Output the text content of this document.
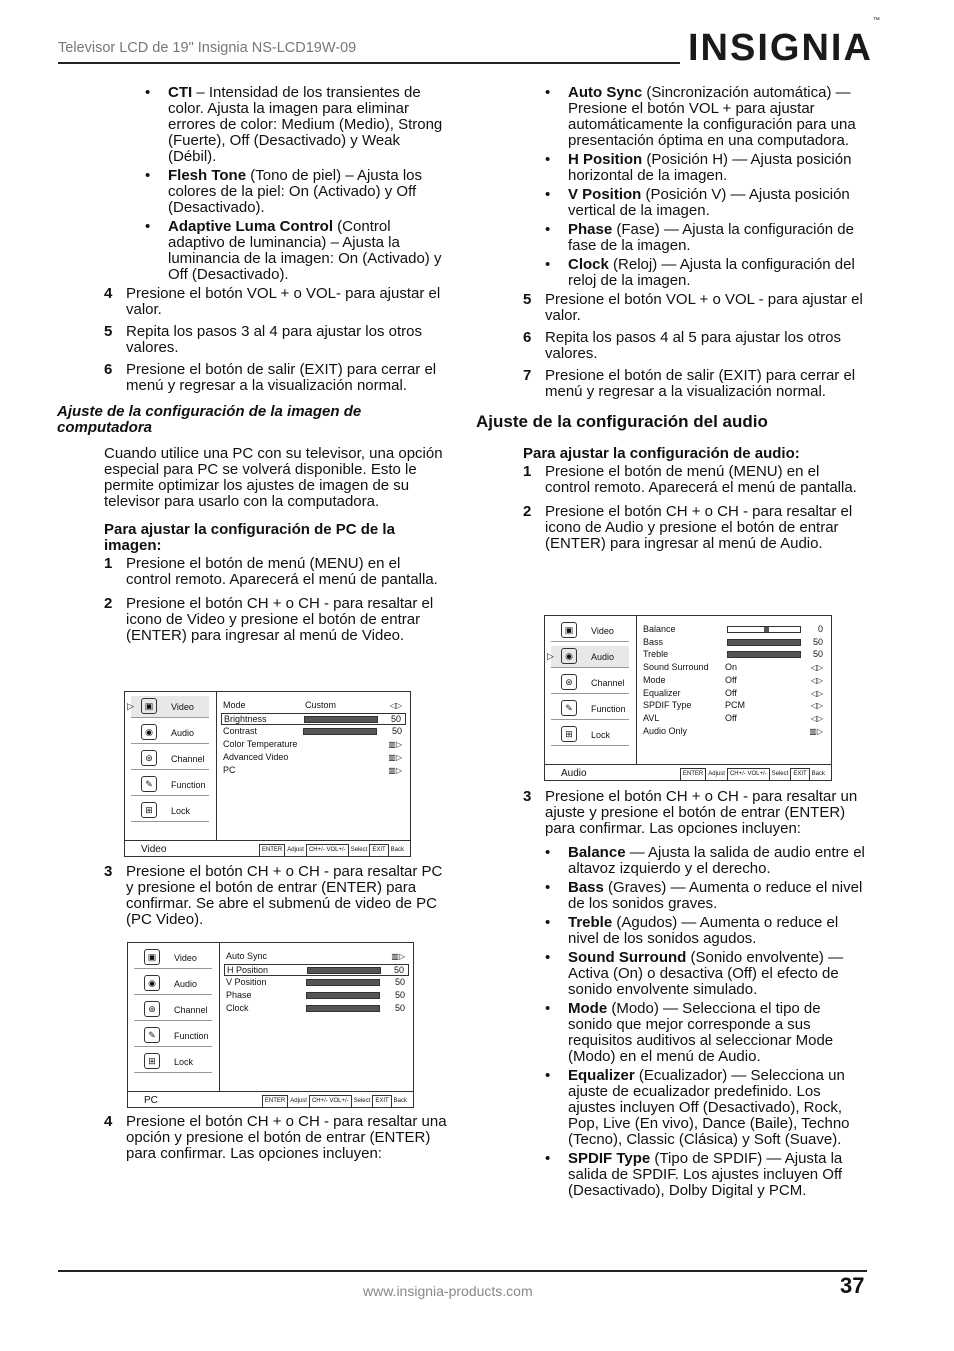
Televisor LCD de 19" Insignia NS-LCD19W-09	INSIGNIA™
• CTI – Intensidad de los transientes de color. Ajusta la imagen para eliminar errores de color: Medium (Medio), Strong (Fuerte), Off (Desactivado) y Weak (Débil).
• Flesh Tone (Tono de piel) – Ajusta los colores de la piel: On (Activado) y Off (Desactivado).
• Adaptive Luma Control (Control adaptivo de luminancia) – Ajusta la luminancia de la imagen: On (Activado) y Off (Desactivado).
4 Presione el botón VOL + o VOL- para ajustar el valor.
5 Repita los pasos 3 al 4 para ajustar los otros valores.
6 Presione el botón de salir (EXIT) para cerrar el menú y regresar a la visualización normal.
Ajuste de la configuración de la imagen de computadora
Cuando utilice una PC con su televisor, una opción especial para PC se volverá disponible. Esto le permite optimizar los ajustes de imagen de su televisor para usarlo con la computadora.
Para ajustar la configuración de PC de la imagen:
1 Presione el botón de menú (MENU) en el control remoto. Aparecerá el menú de pantalla.
2 Presione el botón CH + o CH - para resaltar el icono de Video y presione el botón de entrar (ENTER) para ingresar al menú de Video.
3 Presione el botón CH + o CH - para resaltar PC y presione el botón de entrar (ENTER) para confirmar. Se abre el submenú de video de PC (PC Video).
4 Presione el botón CH + o CH - para resaltar una opción y presione el botón de entrar (ENTER) para confirmar. Las opciones incluyen:
▷	▣	Video
◉	Audio
⊛	Channel
✎	Function
⊞	Lock
Mode	Custom	◁▷
Brightness	50
Contrast	50
Color Temperature	▥▷
Advanced Video	▥▷
PC	▥▷
Video	ENTER Adjust CH+/- VOL+/- Select EXIT Back
▣	Video
◉	Audio
⊛	Channel
✎	Function
⊞	Lock
Auto Sync	▥▷
H Position	50
V Position	50
Phase	50
Clock	50
PC	ENTER Adjust CH+/- VOL+/- Select EXIT Back
• Auto Sync (Sincronización automática) — Presione el botón VOL + para ajustar automáticamente la configuración para una presentación óptima en una computadora.
• H Position (Posición H) — Ajusta posición horizontal de la imagen.
• V Position (Posición V) — Ajusta posición vertical de la imagen.
• Phase (Fase) — Ajusta la configuración de fase de la imagen.
• Clock (Reloj) — Ajusta la configuración del reloj de la imagen.
5 Presione el botón VOL + o VOL - para ajustar el valor.
6 Repita los pasos 4 al 5 para ajustar los otros valores.
7 Presione el botón de salir (EXIT) para cerrar el menú y regresar a la visualización normal.
Ajuste de la configuración del audio
Para ajustar la configuración de audio:
1 Presione el botón de menú (MENU) en el control remoto. Aparecerá el menú de pantalla.
2 Presione el botón CH + o CH - para resaltar el icono de Audio y presione el botón de entrar (ENTER) para ingresar al menú de Audio.
▣	Video
▷	◉	Audio
⊛	Channel
✎	Function
⊞	Lock
Balance	0
Bass	50
Treble	50
Sound Surround On	◁▷
Mode	Off	◁▷
Equalizer	Off	◁▷
SPDIF Type	PCM	◁▷
AVL	Off	◁▷
Audio Only	▥▷
Audio	ENTER Adjust CH+/- VOL+/- Select EXIT Back
3 Presione el botón CH + o CH - para resaltar un ajuste y presione el botón de entrar (ENTER) para confirmar. Las opciones incluyen:
• Balance — Ajusta la salida de audio entre el altavoz izquierdo y el derecho.
• Bass (Graves) — Aumenta o reduce el nivel de los sonidos graves.
• Treble (Agudos) — Aumenta o reduce el nivel de los sonidos agudos.
• Sound Surround (Sonido envolvente) — Activa (On) o desactiva (Off) el efecto de sonido envolvente simulado.
• Mode (Modo) — Selecciona el tipo de sonido que mejor corresponde a sus requisitos auditivos al seleccionar Mode (Modo) en el menú de Audio.
• Equalizer (Ecualizador) — Selecciona un ajuste de ecualizador predefinido. Los ajustes incluyen Off (Desactivado), Rock, Pop, Live (En vivo), Dance (Baile), Techno (Tecno), Classic (Clásica) y Soft (Suave).
• SPDIF Type (Tipo de SPDIF) — Ajusta la salida de SPDIF. Los ajustes incluyen Off (Desactivado), Dolby Digital y PCM.
www.insignia-products.com	37
